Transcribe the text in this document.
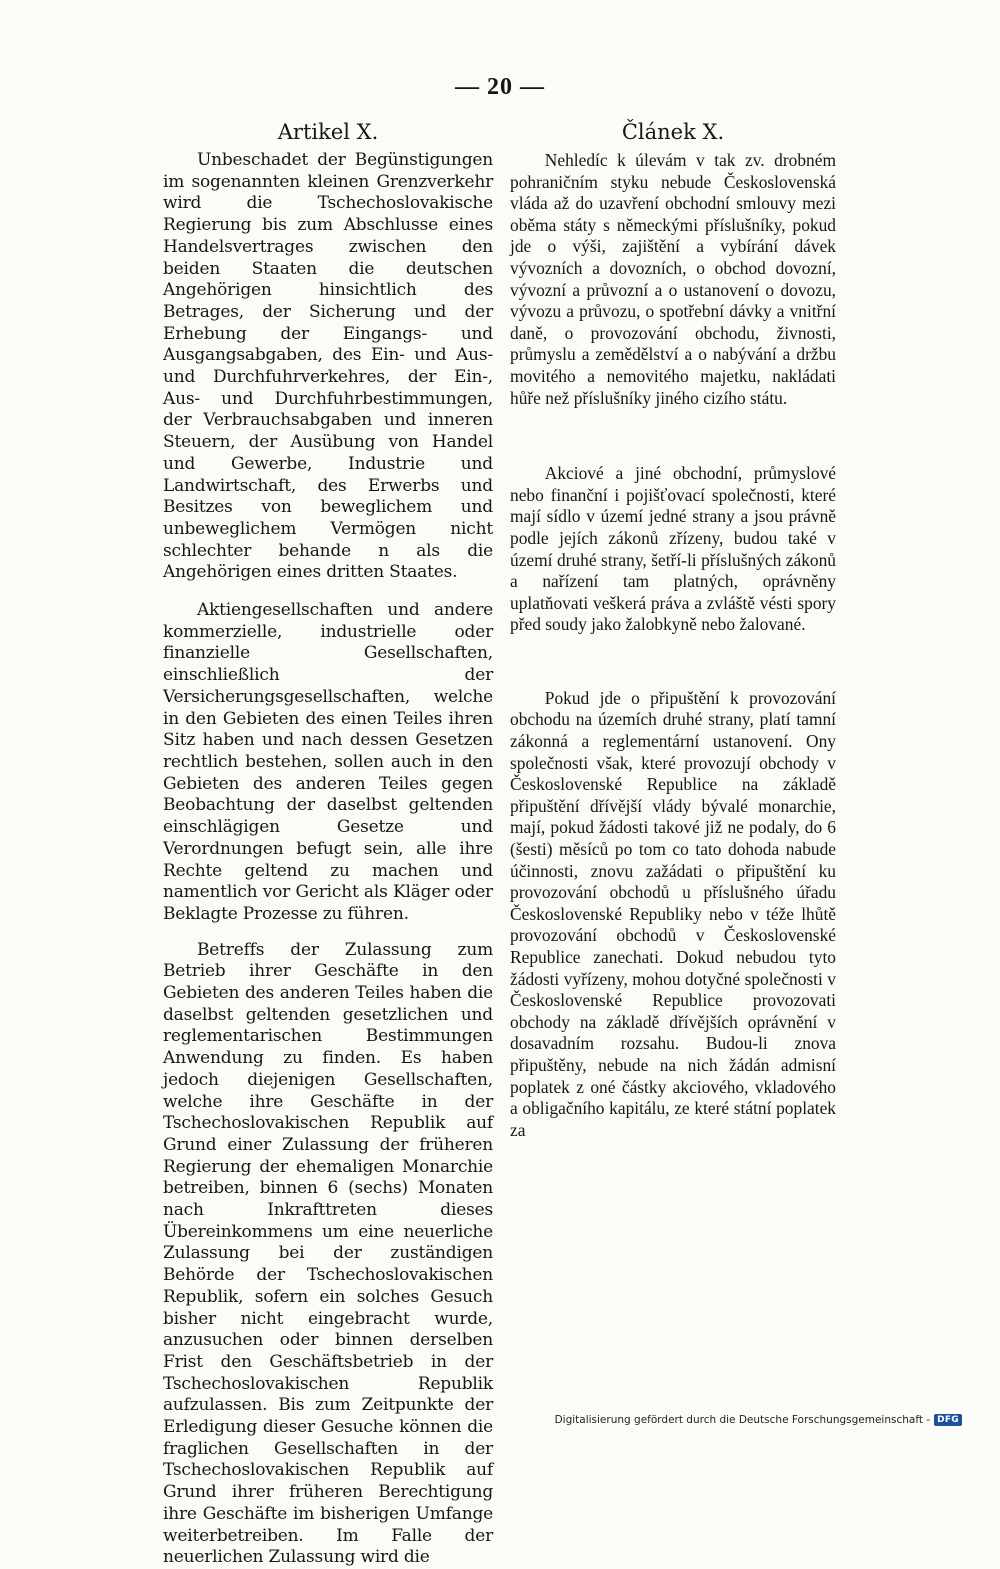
— 20 —
Artikel X.

Unbeschadet der Begünstigungen im sogenannten kleinen Grenzverkehr wird die Tschechoslovakische Regierung bis zum Abschlusse eines Handelsvertrages zwischen den beiden Staaten die deutschen Angehörigen hinsichtlich des Betrages, der Sicherung und der Erhebung der Eingangs- und Ausgangsabgaben, des Ein- und Aus- und Durchfuhrverkehres, der Ein-, Aus- und Durchfuhrbestimmungen, der Verbrauchsabgaben und inneren Steuern, der Ausübung von Handel und Gewerbe, Industrie und Landwirtschaft, des Erwerbs und Besitzes von beweglichem und unbeweglichem Vermögen nicht schlechter behande n als die Angehörigen eines dritten Staates.

Aktiengesellschaften und andere kommerzielle, industrielle oder finanzielle Gesellschaften, einschließlich der Versicherungsgesellschaften, welche in den Gebieten des einen Teiles ihren Sitz haben und nach dessen Gesetzen rechtlich bestehen, sollen auch in den Gebieten des anderen Teiles gegen Beobachtung der daselbst geltenden einschlägigen Gesetze und Verordnungen befugt sein, alle ihre Rechte geltend zu machen und namentlich vor Gericht als Kläger oder Beklagte Prozesse zu führen.

Betreffs der Zulassung zum Betrieb ihrer Geschäfte in den Gebieten des anderen Teiles haben die daselbst geltenden gesetzlichen und reglementarischen Bestimmungen Anwendung zu finden. Es haben jedoch diejenigen Gesellschaften, welche ihre Geschäfte in der Tschechoslovakischen Republik auf Grund einer Zulassung der früheren Regierung der ehemaligen Monarchie betreiben, binnen 6 (sechs) Monaten nach Inkrafttreten dieses Übereinkommens um eine neuerliche Zulassung bei der zuständigen Behörde der Tschechoslovakischen Republik, sofern ein solches Gesuch bisher nicht eingebracht wurde, anzusuchen oder binnen derselben Frist den Geschäftsbetrieb in der Tschechoslovakischen Republik aufzulassen. Bis zum Zeitpunkte der Erledigung dieser Gesuche können die fraglichen Gesellschaften in der Tschechoslovakischen Republik auf Grund ihrer früheren Berechtigung ihre Geschäfte im bisherigen Umfange weiterbetreiben. Im Falle der neuerlichen Zulassung wird die

Článek X.

Nehledíc k úlevám v tak zv. drobném pohraničním styku nebude Československá vláda až do uzavření obchodní smlouvy mezi oběma státy s německými příslušníky, pokud jde o výši, zajištění a vybírání dávek vývozních a dovozních, o obchod dovozní, vývozní a průvozní a o ustanovení o dovozu, vývozu a průvozu, o spotřební dávky a vnitřní daně, o provozování obchodu, živnosti, průmyslu a zemědělství a o nabývání a držbu movitého a nemovitého majetku, nakládati hůře než příslušníky jiného cizího státu.

Akciové a jiné obchodní, průmyslové nebo finanční i pojišťovací společnosti, které mají sídlo v území jedné strany a jsou právně podle jejích zákonů zřízeny, budou také v území druhé strany, šetří-li příslušných zákonů a nařízení tam platných, oprávněny uplatňovati veškerá práva a zvláště vésti spory před soudy jako žalobkyně nebo žalované.

Pokud jde o připuštění k provozování obchodu na územích druhé strany, platí tamní zákonná a reglementární ustanovení. Ony společnosti však, které provozují obchody v Československé Republice na základě připuštění dřívější vlády bývalé monarchie, mají, pokud žádosti takové již ne podaly, do 6 (šesti) měsíců po tom co tato dohoda nabude účinnosti, znovu zažádati o připuštění ku provozování obchodů u příslušného úřadu Československé Republiky nebo v téže lhůtě provozování obchodů v Československé Republice zanechati. Dokud nebudou tyto žádosti vyřízeny, mohou dotyčné společnosti v Československé Republice provozovati obchody na základě dřívějších oprávnění v dosavadním rozsahu. Budou-li znova připuštěny, nebude na nich žádán admisní poplatek z oné částky akciového, vkladového a obligačního kapitálu, ze které státní poplatek za

Digitalisierung gefördert durch die Deutsche Forschungsgemeinschaft - DFG
